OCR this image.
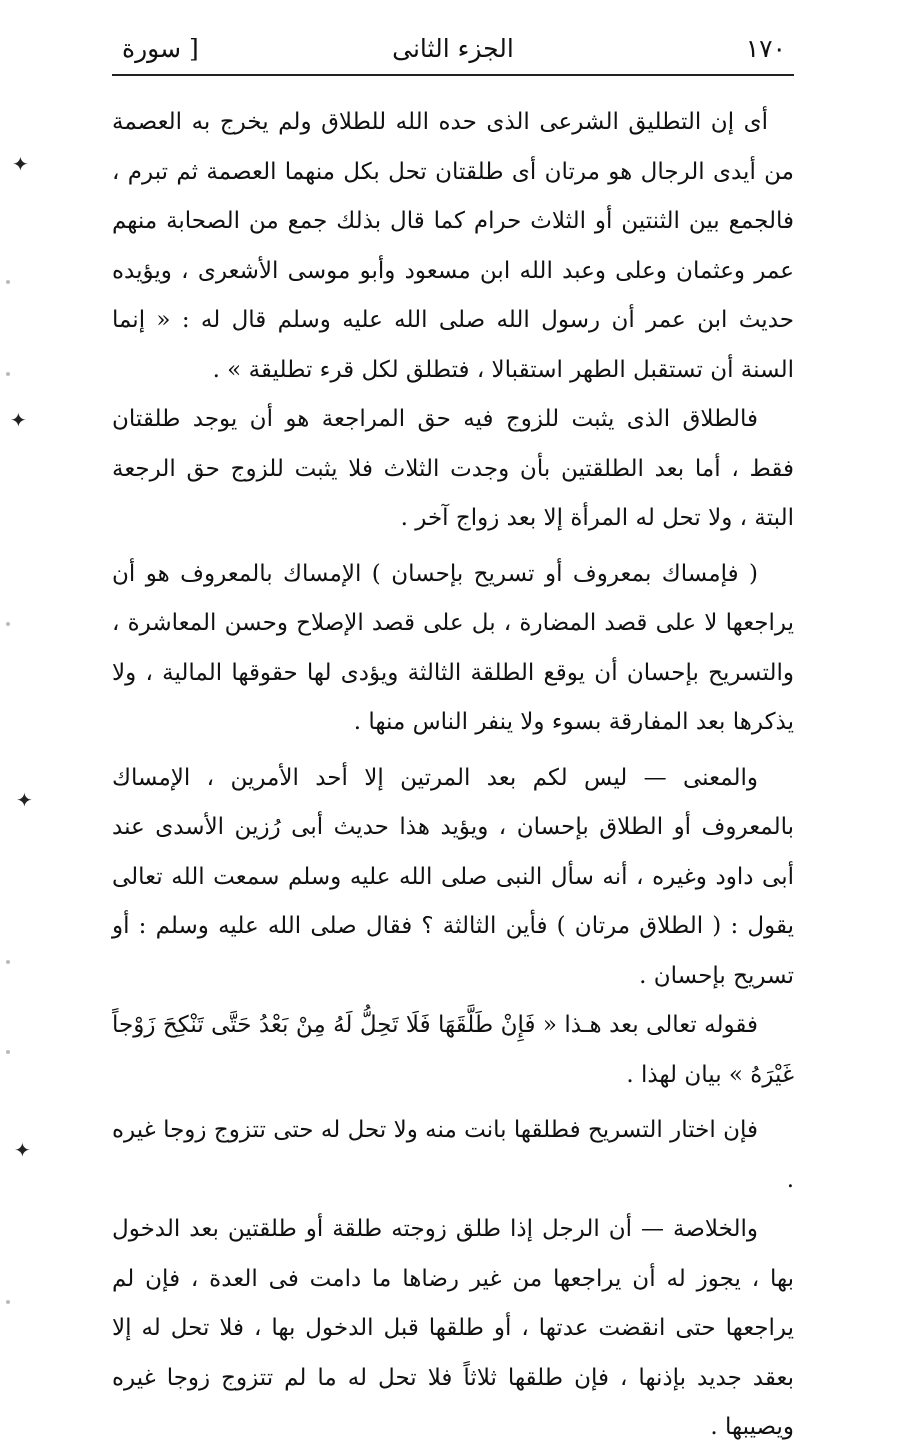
١٧٠
الجزء الثانى
[ سورة

أى إن التطليق الشرعى الذى حده الله للطلاق ولم يخرج به العصمة من أيدى الرجال هو مرتان أى طلقتان تحل بكل منهما العصمة ثم تبرم ، فالجمع بين الثنتين أو الثلاث حرام كما قال بذلك جمع من الصحابة منهم عمر وعثمان وعلى وعبد الله ابن مسعود وأبو موسى الأشعرى ، ويؤيده حديث ابن عمر أن رسول الله صلى الله عليه وسلم قال له : « إنما السنة أن تستقبل الطهر استقبالا ، فتطلق لكل قرء تطليقة » .

فالطلاق الذى يثبت للزوج فيه حق المراجعة هو أن يوجد طلقتان فقط ، أما بعد الطلقتين بأن وجدت الثلاث فلا يثبت للزوج حق الرجعة البتة ، ولا تحل له المرأة إلا بعد زواج آخر .

( فإمساك بمعروف أو تسريح بإحسان ) الإمساك بالمعروف هو أن يراجعها لا على قصد المضارة ، بل على قصد الإصلاح وحسن المعاشرة ، والتسريح بإحسان أن يوقع الطلقة الثالثة ويؤدى لها حقوقها المالية ، ولا يذكرها بعد المفارقة بسوء ولا ينفر الناس منها .

والمعنى — ليس لكم بعد المرتين إلا أحد الأمرين ، الإمساك بالمعروف أو الطلاق بإحسان ، ويؤيد هذا حديث أبى رُزين الأسدى عند أبى داود وغيره ، أنه سأل النبى صلى الله عليه وسلم سمعت الله تعالى يقول : ( الطلاق مرتان ) فأين الثالثة ؟ فقال صلى الله عليه وسلم : أو تسريح بإحسان .

فقوله تعالى بعد هـذا « فَإِنْ طَلَّقَهَا فَلَا تَحِلُّ لَهُ مِنْ بَعْدُ حَتَّى تَنْكِحَ زَوْجاً غَيْرَهُ » بيان لهذا .

فإن اختار التسريح فطلقها بانت منه ولا تحل له حتى تتزوج زوجا غيره .

والخلاصة — أن الرجل إذا طلق زوجته طلقة أو طلقتين بعد الدخول بها ، يجوز له أن يراجعها من غير رضاها ما دامت فى العدة ، فإن لم يراجعها حتى انقضت عدتها ، أو طلقها قبل الدخول بها ، فلا تحل له إلا بعقد جديد بإذنها ، فإن طلقها ثلاثاً فلا تحل له ما لم تتزوج زوجا غيره ويصيبها .

✦
✦
✦
✦
